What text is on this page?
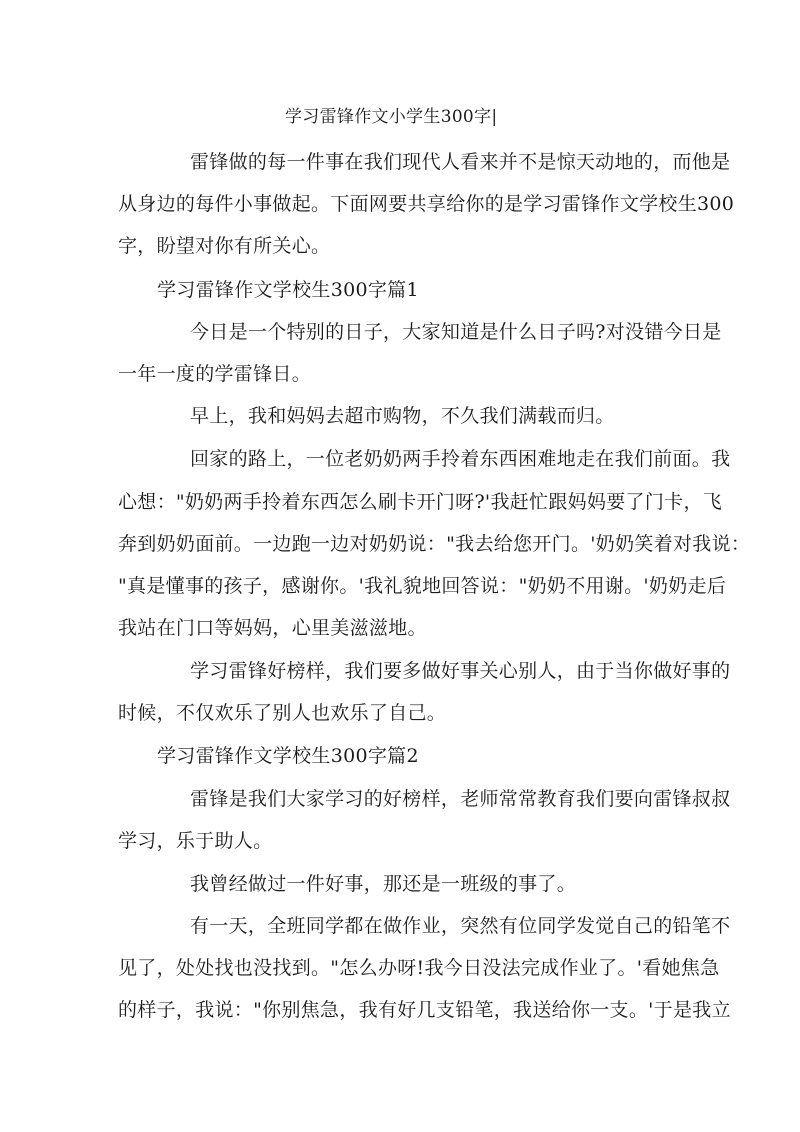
学习雷锋作文小学生300字|
雷锋做的每一件事在我们现代人看来并不是惊天动地的，而他是
从身边的每件小事做起。下面网要共享给你的是学习雷锋作文学校生300
字，盼望对你有所关心。
学习雷锋作文学校生300字篇1
今日是一个特别的日子，大家知道是什么日子吗?对没错今日是
一年一度的学雷锋日。
早上，我和妈妈去超市购物，不久我们满载而归。
回家的路上，一位老奶奶两手拎着东西困难地走在我们前面。我
心想："奶奶两手拎着东西怎么刷卡开门呀?'我赶忙跟妈妈要了门卡，飞
奔到奶奶面前。一边跑一边对奶奶说："我去给您开门。'奶奶笑着对我说：
"真是懂事的孩子，感谢你。'我礼貌地回答说："奶奶不用谢。'奶奶走后
我站在门口等妈妈，心里美滋滋地。
学习雷锋好榜样，我们要多做好事关心别人，由于当你做好事的
时候，不仅欢乐了别人也欢乐了自己。
学习雷锋作文学校生300字篇2
雷锋是我们大家学习的好榜样，老师常常教育我们要向雷锋叔叔
学习，乐于助人。
我曾经做过一件好事，那还是一班级的事了。
有一天，全班同学都在做作业，突然有位同学发觉自己的铅笔不
见了，处处找也没找到。"怎么办呀!我今日没法完成作业了。'看她焦急
的样子，我说："你别焦急，我有好几支铅笔，我送给你一支。'于是我立
